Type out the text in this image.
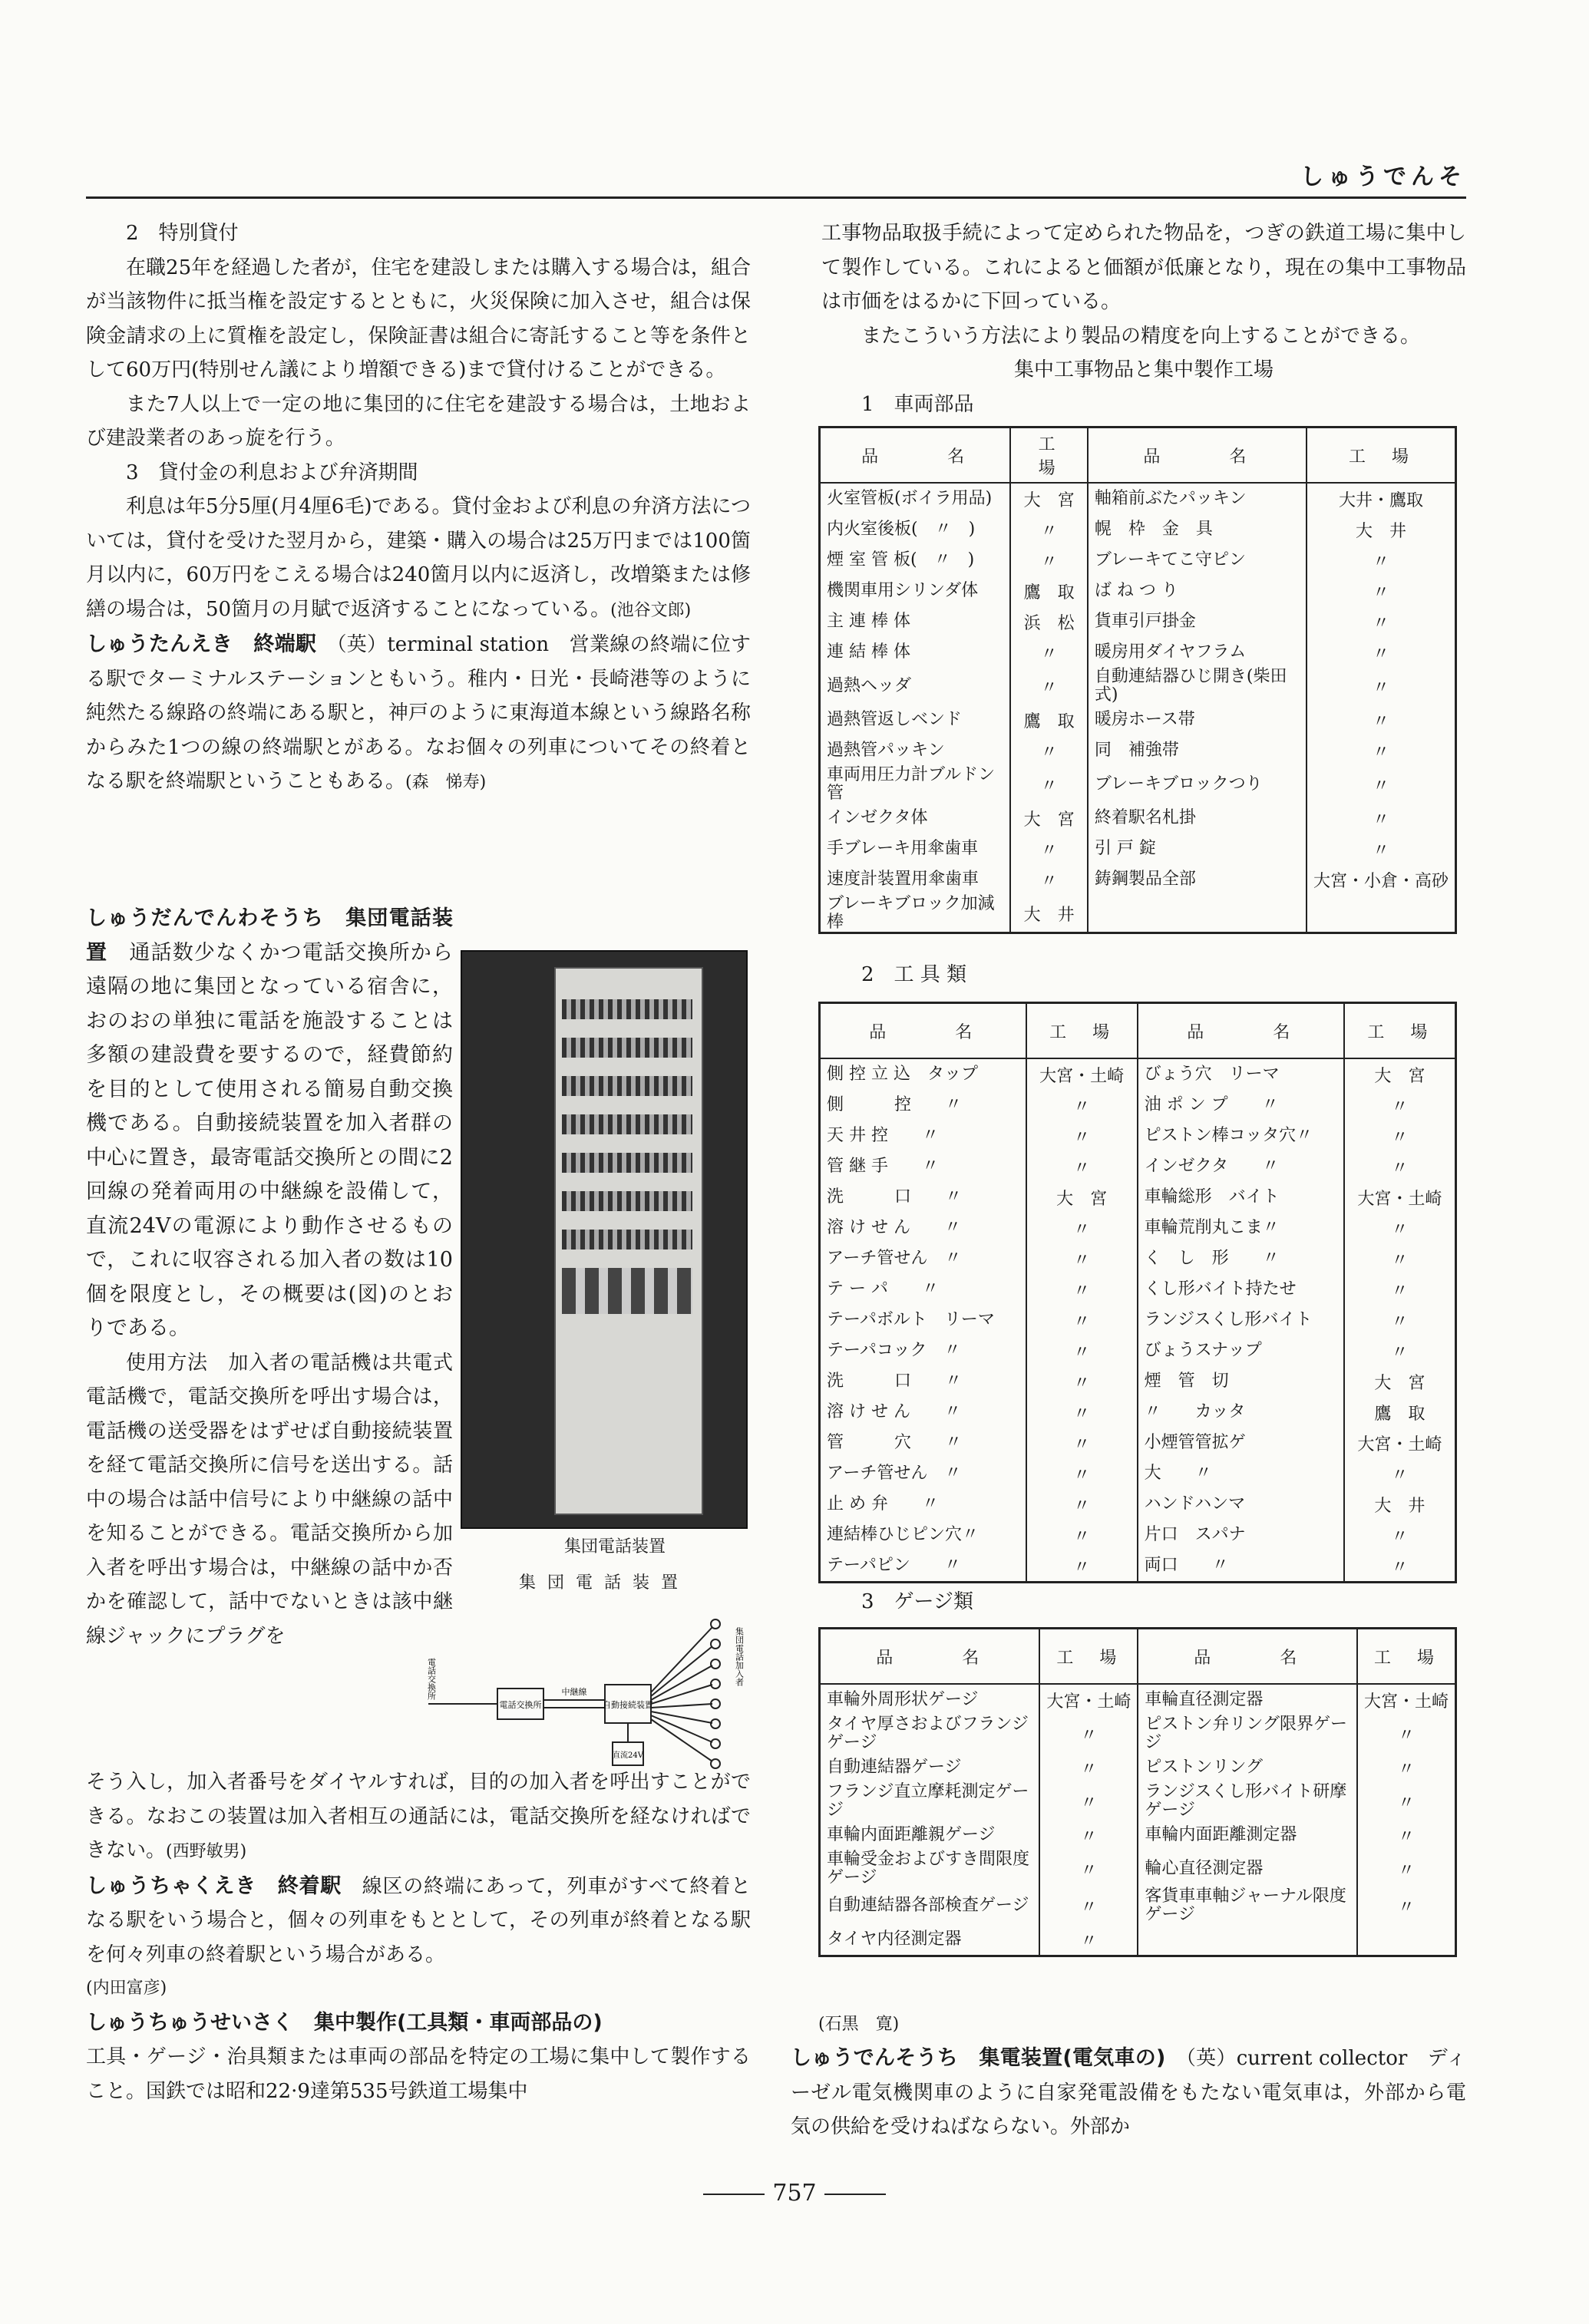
しゅうでんそ

2　特別貸付

在職25年を経過した者が，住宅を建設しまたは購入する場合は，組合が当該物件に抵当権を設定するとともに，火災保険に加入させ，組合は保険金請求の上に質権を設定し，保険証書は組合に寄託すること等を条件として60万円(特別せん議により増額できる)まで貸付けることができる。

また7人以上で一定の地に集団的に住宅を建設する場合は，土地および建設業者のあっ旋を行う。

3　貸付金の利息および弁済期間

利息は年5分5厘(月4厘6毛)である。貸付金および利息の弁済方法については，貸付を受けた翌月から，建築・購入の場合は25万円までは100箇月以内に，60万円をこえる場合は240箇月以内に返済し，改増築または修繕の場合は，50箇月の月賦で返済することになっている。(池谷文郎)

しゅうたんえき　終端駅　 （英）terminal station　営業線の終端に位する駅でターミナルステーションともいう。稚内・日光・長崎港等のように純然たる線路の終端にある駅と，神戸のように東海道本線という線路名称からみた1つの線の終端駅とがある。なお個々の列車についてその終着となる駅を終端駅ということもある。(森　悌寿)

しゅうだんでんわそうち　集団電話装置　 通話数少なくかつ電話交換所から遠隔の地に集団となっている宿舎に，おのおの単独に電話を施設することは多額の建設費を要するので，経費節約を目的として使用される簡易自動交換機である。自動接続装置を加入者群の中心に置き，最寄電話交換所との間に2回線の発着両用の中継線を設備して，直流24Vの電源により動作させるもので，これに収容される加入者の数は10個を限度とし，その概要は(図)のとおりである。

使用方法　加入者の電話機は共電式電話機で，電話交換所を呼出す場合は，電話機の送受器をはずせば自動接続装置を経て電話交換所に信号を送出する。話中の場合は話中信号により中継線の話中を知ることができる。電話交換所から加入者を呼出す場合は，中継線の話中か否かを確認して，話中でないときは該中継線ジャックにプラグを

集団電話装置
集 団 電 話 装 置
電話交換所
中継線
自動接続装置
直流24V
集団電話加入者
電話交換所

そう入し，加入者番号をダイヤルすれば，目的の加入者を呼出すことができる。なおこの装置は加入者相互の通話には，電話交換所を経なければできない。(西野敏男)

しゅうちゃくえき　終着駅　 線区の終端にあって，列車がすべて終着となる駅をいう場合と，個々の列車をもととして，その列車が終着となる駅を何々列車の終着駅という場合がある。

(内田富彦)

しゅうちゅうせいさく　集中製作(工具類・車両部品の)

工具・ゲージ・治具類または車両の部品を特定の工場に集中して製作すること。国鉄では昭和22·9達第535号鉄道工場集中

工事物品取扱手続によって定められた物品を，つぎの鉄道工場に集中して製作している。これによると価額が低廉となり，現在の集中工事物品は市価をはるかに下回っている。

またこういう方法により製品の精度を向上することができる。

集中工事物品と集中製作工場

1　車両部品

品　　　名	工　場	品　　　名	工　場
火室管板(ボイラ用品)	大　宮	軸箱前ぶたパッキン	大井・鷹取
内火室後板(　〃　)	〃	幌　枠　金　具	大　井
煙 室 管 板(　〃　)	〃	ブレーキてこ守ピン	〃
機関車用シリンダ体	鷹　取	ば ね つ り	〃
主 連 棒 体	浜　松	貨車引戸掛金	〃
連 結 棒 体	〃	暖房用ダイヤフラム	〃
過熱ヘッダ	〃	自動連結器ひじ開き(柴田式)	〃
過熱管返しベンド	鷹　取	暖房ホース帯	〃
過熱管パッキン	〃	同　補強帯	〃
車両用圧力計ブルドン管	〃	ブレーキブロックつり	〃
インゼクタ体	大　宮	終着駅名札掛	〃
手ブレーキ用傘歯車	〃	引 戸 錠	〃
速度計装置用傘歯車	〃	鋳鋼製品全部	大宮・小倉・高砂
ブレーキブロック加減棒	大　井		
2　工 具 類
品　　　名	工　場	品　　　名	工　場
側 控 立 込　タップ	大宮・土崎	びょう穴　リーマ	大　宮
側　　　控　　〃	〃	油 ポ ン プ　　〃	〃
天 井 控　　〃	〃	ピストン棒コッタ穴〃	〃
管 継 手　　〃	〃	インゼクタ　　〃	〃
洗　　　口　　〃	大　宮	車輪総形　バイト	大宮・土崎
溶 け せ ん　　〃	〃	車輪荒削丸こま〃	〃
アーチ管せん　〃	〃	く　し　形　　〃	〃
テ ー パ　　〃	〃	くし形バイト持たせ	〃
テーパボルト　リーマ	〃	ランジスくし形バイト	〃
テーパコック　〃	〃	びょうスナップ	〃
洗　　　口　　〃	〃	煙　管　切	大　宮
溶 け せ ん　　〃	〃	〃　　カッタ	鷹　取
管　　　穴　　〃	〃	小煙管管拡ゲ	大宮・土崎
アーチ管せん　〃	〃	大　　〃	〃
止 め 弁　　〃	〃	ハンドハンマ	大　井
連結棒ひじピン穴〃	〃	片口　スパナ	〃
テーパピン　　〃	〃	両口　　〃	〃
3　ゲージ類
品　　　名	工　場	品　　　名	工　場
車輪外周形状ゲージ	大宮・土崎	車輪直径測定器	大宮・土崎
タイヤ厚さおよびフランジゲージ	〃	ピストン弁リング限界ゲージ	〃
自動連結器ゲージ	〃	ピストンリング	〃
フランジ直立摩耗測定ゲージ	〃	ランジスくし形バイト研摩ゲージ	〃
車輪内面距離親ゲージ	〃	車輪内面距離測定器	〃
車輪受金およびすき間限度ゲージ	〃	輪心直径測定器	〃
自動連結器各部検査ゲージ	〃	客貨車車軸ジャーナル限度ゲージ	〃
タイヤ内径測定器	〃		
(石黒　寛)

しゅうでんそうち　集電装置(電気車の)　 （英）current collector　ディーゼル電気機関車のように自家発電設備をもたない電気車は，外部から電気の供給を受けねばならない。外部か

757
